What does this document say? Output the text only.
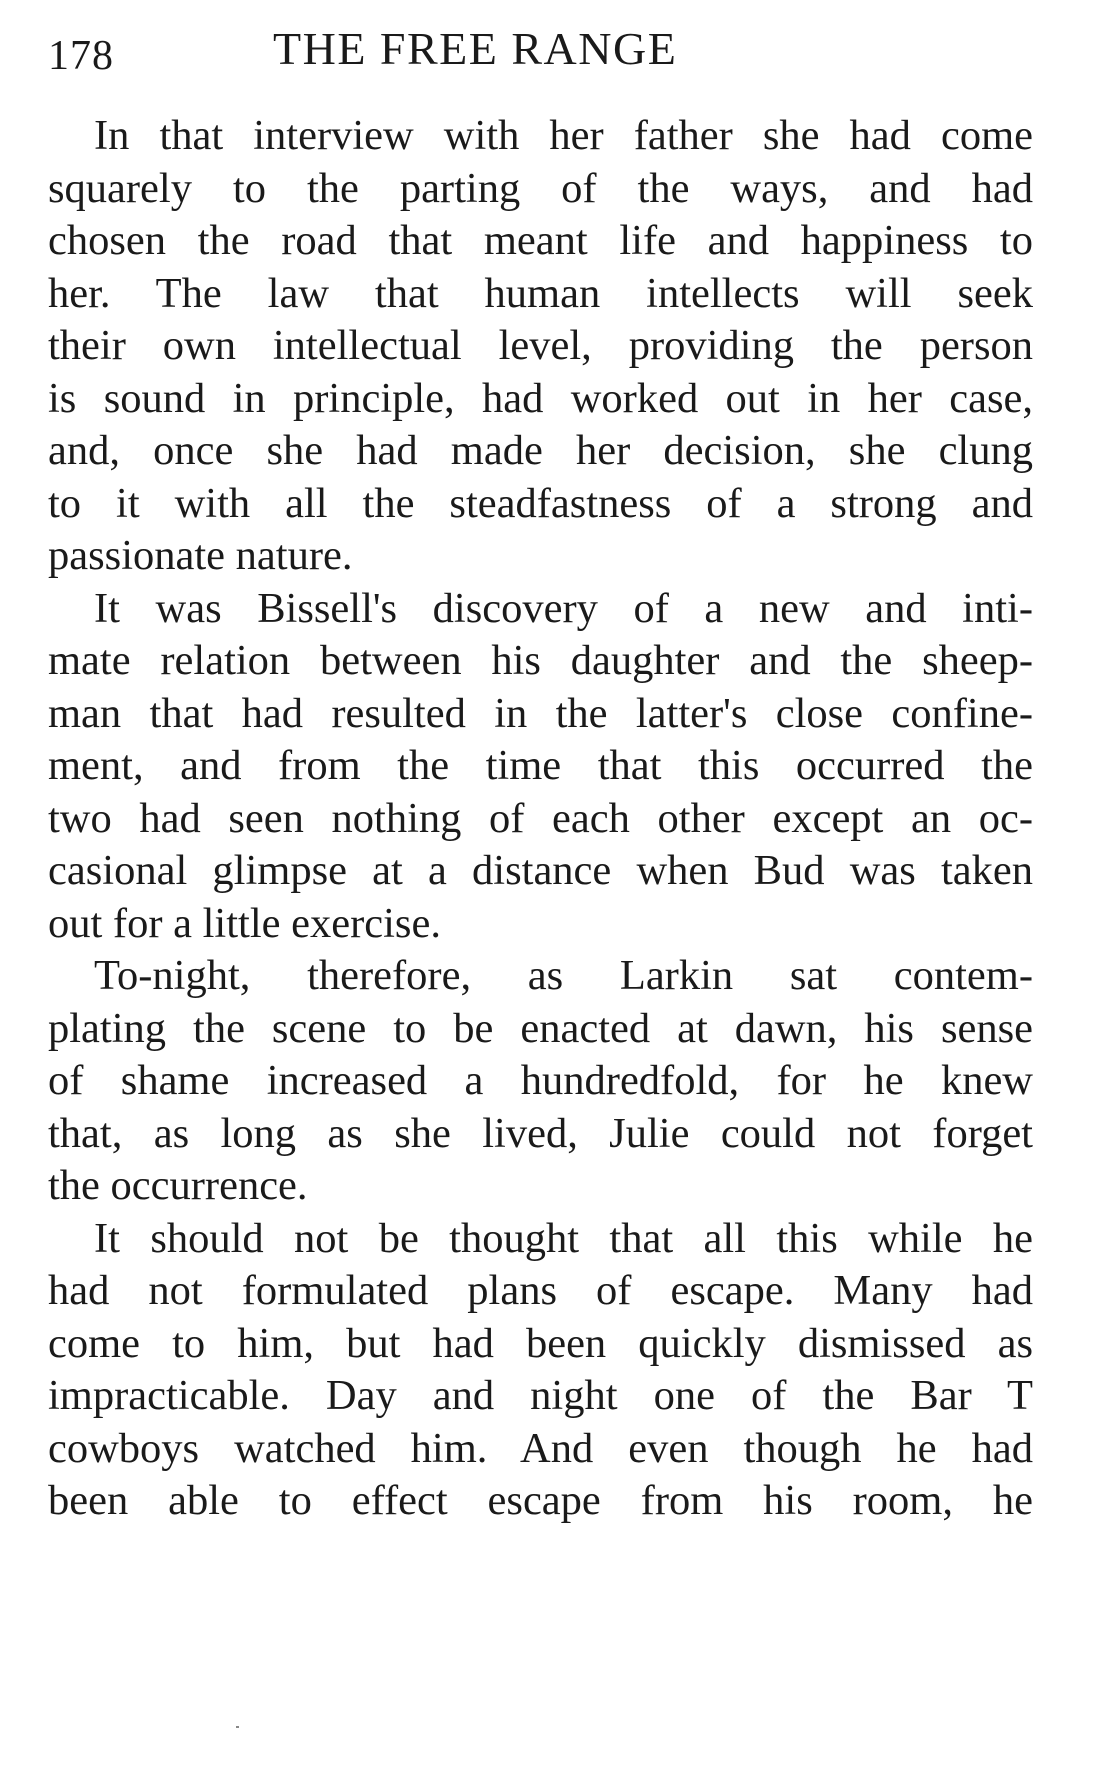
178	THE FREE RANGE

In that interview with her father she had come
squarely to the parting of the ways, and had
chosen the road that meant life and happiness to
her. The law that human intellects will seek
their own intellectual level, providing the person
is sound in principle, had worked out in her case,
and, once she had made her decision, she clung
to it with all the steadfastness of a strong and
passionate nature.

It was Bissell's discovery of a new and inti-
mate relation between his daughter and the sheep-
man that had resulted in the latter's close confine-
ment, and from the time that this occurred the
two had seen nothing of each other except an oc-
casional glimpse at a distance when Bud was taken
out for a little exercise.

To-night, therefore, as Larkin sat contem-
plating the scene to be enacted at dawn, his sense
of shame increased a hundredfold, for he knew
that, as long as she lived, Julie could not forget
the occurrence.

It should not be thought that all this while he
had not formulated plans of escape. Many had
come to him, but had been quickly dismissed as
impracticable. Day and night one of the Bar T
cowboys watched him. And even though he had
been able to effect escape from his room, he
